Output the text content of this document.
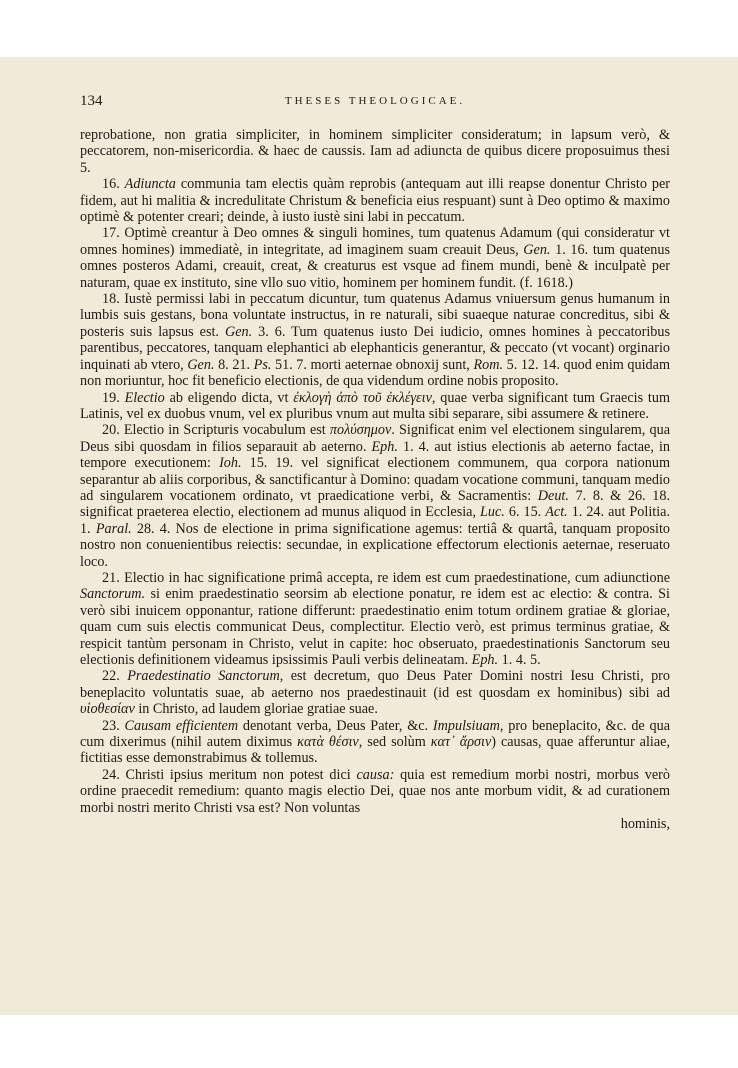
134	THESES THEOLOGICAE.

reprobatione, non gratia simpliciter, in hominem simpliciter consideratum; in lapsum verò, & peccatorem, non-misericordia. & haec de caussis. Iam ad adiuncta de quibus dicere proposuimus thesi 5.

16. Adiuncta communia tam electis quàm reprobis (antequam aut illi reapse donentur Christo per fidem, aut hi malitia & incredulitate Christum & beneficia eius respuant) sunt à Deo optimo & maximo optimè & potenter creari; deinde, à iusto iustè sini labi in peccatum.

17. Optimè creantur à Deo omnes & singuli homines, tum quatenus Adamum (qui consideratur vt omnes homines) immediatè, in integritate, ad imaginem suam creauit Deus, Gen. 1. 16. tum quatenus omnes posteros Adami, creauit, creat, & creaturus est vsque ad finem mundi, benè & inculpatè per naturam, quae ex instituto, sine vllo suo vitio, hominem per hominem fundit. (f. 1618.)

18. Iustè permissi labi in peccatum dicuntur, tum quatenus Adamus vniuersum genus humanum in lumbis suis gestans, bona voluntate instructus, in re naturali, sibi suaeque naturae concreditus, sibi & posteris suis lapsus est. Gen. 3. 6. Tum quatenus iusto Dei iudicio, omnes homines à peccatoribus parentibus, peccatores, tanquam elephantici ab elephanticis generantur, & peccato (vt vocant) orginario inquinati ab vtero, Gen. 8. 21. Ps. 51. 7. morti aeternae obnoxij sunt, Rom. 5. 12. 14. quod enim quidam non moriuntur, hoc fit beneficio electionis, de qua videndum ordine nobis proposito.

19. Electio ab eligendo dicta, vt ἐκλογὴ ἀπὸ τοῦ ἐκλέγειν, quae verba significant tum Graecis tum Latinis, vel ex duobus vnum, vel ex pluribus vnum aut multa sibi separare, sibi assumere & retinere.

20. Electio in Scripturis vocabulum est πολύσημον. Significat enim vel electionem singularem, qua Deus sibi quosdam in filios separauit ab aeterno. Eph. 1. 4. aut istius electionis ab aeterno factae, in tempore executionem: Ioh. 15. 19. vel significat electionem communem, qua corpora nationum separantur ab aliis corporibus, & sanctificantur à Domino: quadam vocatione communi, tanquam medio ad singularem vocationem ordinato, vt praedicatione verbi, & Sacramentis: Deut. 7. 8. & 26. 18. significat praeterea electio, electionem ad munus aliquod in Ecclesia, Luc. 6. 15. Act. 1. 24. aut Politia. 1. Paral. 28. 4. Nos de electione in prima significatione agemus: tertiâ & quartâ, tanquam proposito nostro non conuenientibus reiectis: secundae, in explicatione effectorum electionis aeternae, reseruato loco.

21. Electio in hac significatione primâ accepta, re idem est cum praedestinatione, cum adiunctione Sanctorum. si enim praedestinatio seorsim ab electione ponatur, re idem est ac electio: & contra. Si verò sibi inuicem opponantur, ratione differunt: praedestinatio enim totum ordinem gratiae & gloriae, quam cum suis electis communicat Deus, complectitur. Electio verò, est primus terminus gratiae, & respicit tantùm personam in Christo, velut in capite: hoc obseruato, praedestinationis Sanctorum seu electionis definitionem videamus ipsissimis Pauli verbis delineatam. Eph. 1. 4. 5.

22. Praedestinatio Sanctorum, est decretum, quo Deus Pater Domini nostri Iesu Christi, pro beneplacito voluntatis suae, ab aeterno nos praedestinauit (id est quosdam ex hominibus) sibi ad υἱοθεσίαν in Christo, ad laudem gloriae gratiae suae.

23. Causam efficientem denotant verba, Deus Pater, &c. Impulsiuam, pro beneplacito, &c. de qua cum dixerimus (nihil autem diximus κατὰ θέσιν, sed solùm κατ᾽ ἄρσιν) causas, quae afferuntur aliae, fictitias esse demonstrabimus & tollemus.

24. Christi ipsius meritum non potest dici causa: quia est remedium morbi nostri, morbus verò ordine praecedit remedium: quanto magis electio Dei, quae nos ante morbum vidit, & ad curationem morbi nostri merito Christi vsa est? Non voluntas

hominis,
